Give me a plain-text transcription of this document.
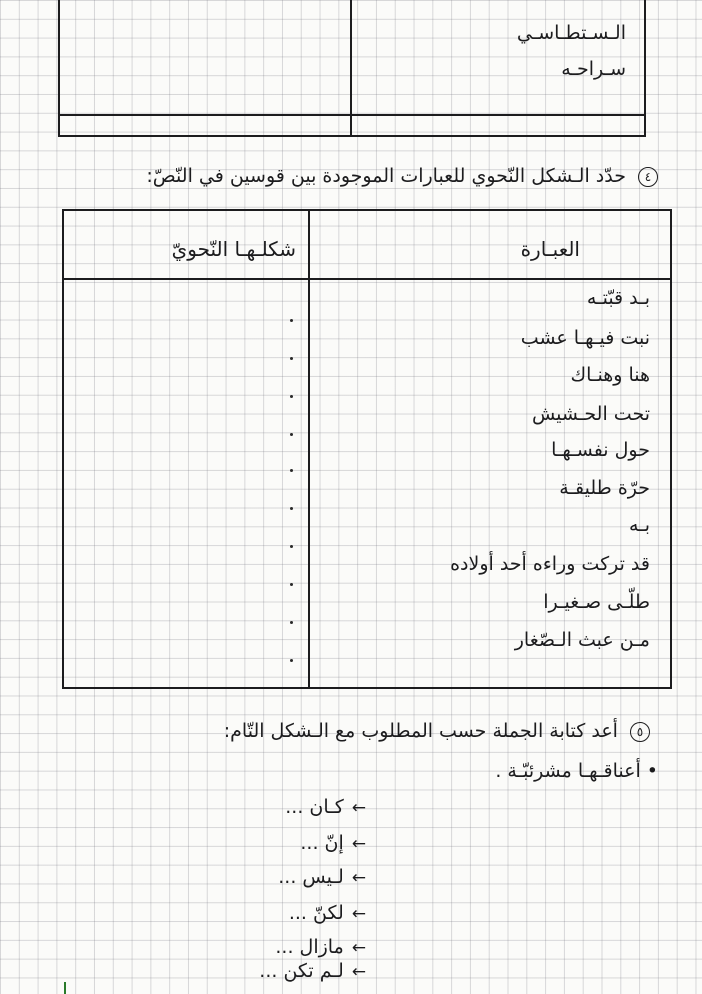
الـسـتطـاسـي
سـراحـه
٤ حدّد الـشكل النّحوي للعبارات الموجودة بين قوسين في النّصّ:
العبـارة
شكلـهـا النّحويّ
بـد قبّتـه
نبت فيـهـا عشب
هنا وهنـاك
تحت الحـشيش
حول نفسـهـا
حرّة طليقـة
بـه
قد تركت وراءه أحد أولاده
طلّـى صـغيـرا
مـن عبث الـصّغار
٥ أعد كتابة الجملة حسب المطلوب مع الـشكل التّام:
• أعناقـهـا مشرئبّـة .
←كـان ...
←إنّ ...
←لـيس ...
←لكنّ ...
←مازال ...
←لـم تكن ...
